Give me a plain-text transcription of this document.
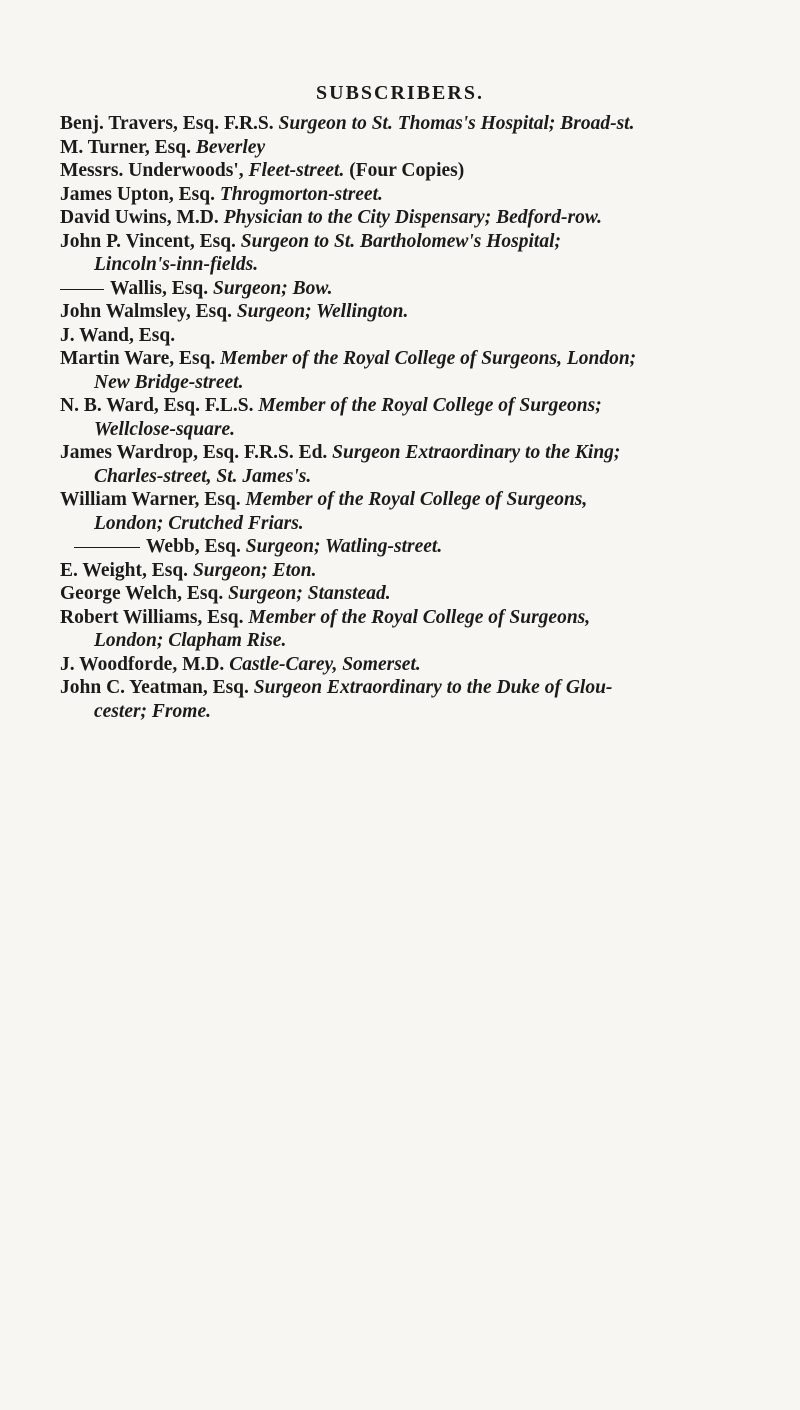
SUBSCRIBERS.
Benj. Travers, Esq. F.R.S. Surgeon to St. Thomas's Hospital; Broad-st.
M. Turner, Esq. Beverley
Messrs. Underwoods', Fleet-street. (Four Copies)
James Upton, Esq. Throgmorton-street.
David Uwins, M.D. Physician to the City Dispensary; Bedford-row.
John P. Vincent, Esq. Surgeon to St. Bartholomew's Hospital;
Lincoln's-inn-fields.
Wallis, Esq. Surgeon; Bow.
John Walmsley, Esq. Surgeon; Wellington.
J. Wand, Esq.
Martin Ware, Esq. Member of the Royal College of Surgeons, London;
New Bridge-street.
N. B. Ward, Esq. F.L.S. Member of the Royal College of Surgeons;
Wellclose-square.
James Wardrop, Esq. F.R.S. Ed. Surgeon Extraordinary to the King;
Charles-street, St. James's.
William Warner, Esq. Member of the Royal College of Surgeons,
London; Crutched Friars.
Webb, Esq. Surgeon; Watling-street.
E. Weight, Esq. Surgeon; Eton.
George Welch, Esq. Surgeon; Stanstead.
Robert Williams, Esq. Member of the Royal College of Surgeons,
London; Clapham Rise.
J. Woodforde, M.D. Castle-Carey, Somerset.
John C. Yeatman, Esq. Surgeon Extraordinary to the Duke of Glou-
cester; Frome.
